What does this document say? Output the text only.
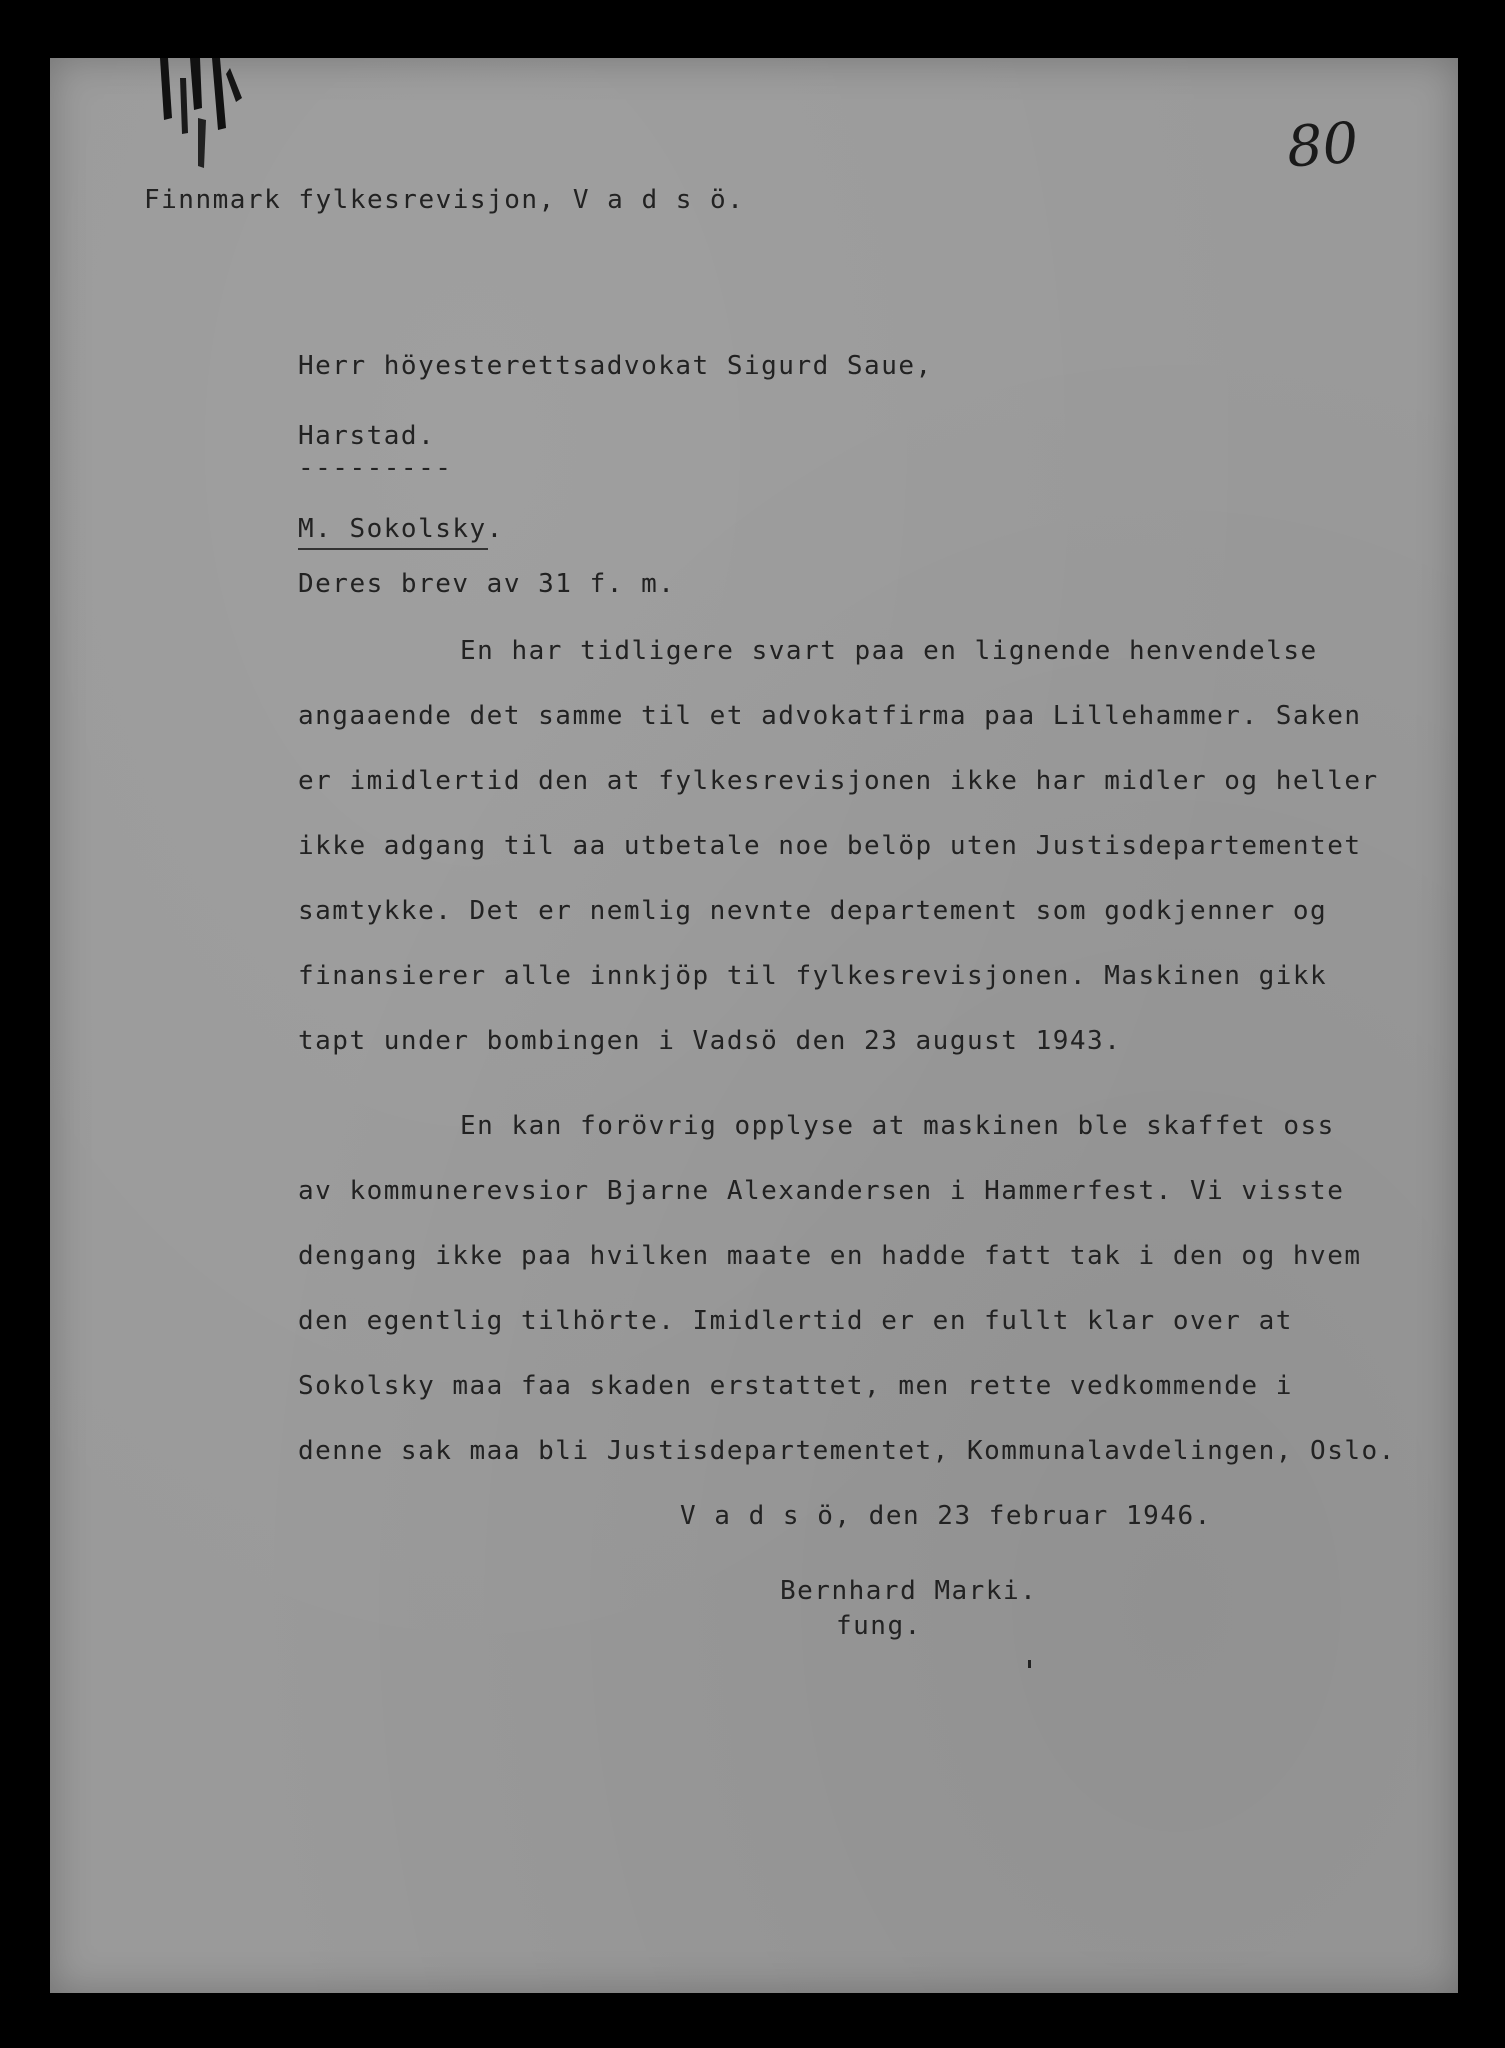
80
Finnmark fylkesrevisjon, V a d s ö.
Herr höyesterettsadvokat Sigurd Saue,
Harstad.
---------
M. Sokolsky.
Deres brev av 31 f. m.
En har tidligere svart paa en lignende henvendelse
angaaende det samme til et advokatfirma paa Lillehammer. Saken
er imidlertid den at fylkesrevisjonen ikke har midler og heller
ikke adgang til aa utbetale noe belöp uten Justisdepartementet
samtykke. Det er nemlig nevnte departement som godkjenner og
finansierer alle innkjöp til fylkesrevisjonen. Maskinen gikk
tapt under bombingen i Vadsö den 23 august 1943.
En kan forövrig opplyse at maskinen ble skaffet oss
av kommunerevsior Bjarne Alexandersen i Hammerfest. Vi visste
dengang ikke paa hvilken maate en hadde fatt tak i den og hvem
den egentlig tilhörte. Imidlertid er en fullt klar over at
Sokolsky maa faa skaden erstattet, men rette vedkommende i
denne sak maa bli Justisdepartementet, Kommunalavdelingen, Oslo.
V a d s ö, den 23 februar 1946.
Bernhard Marki.
fung.
